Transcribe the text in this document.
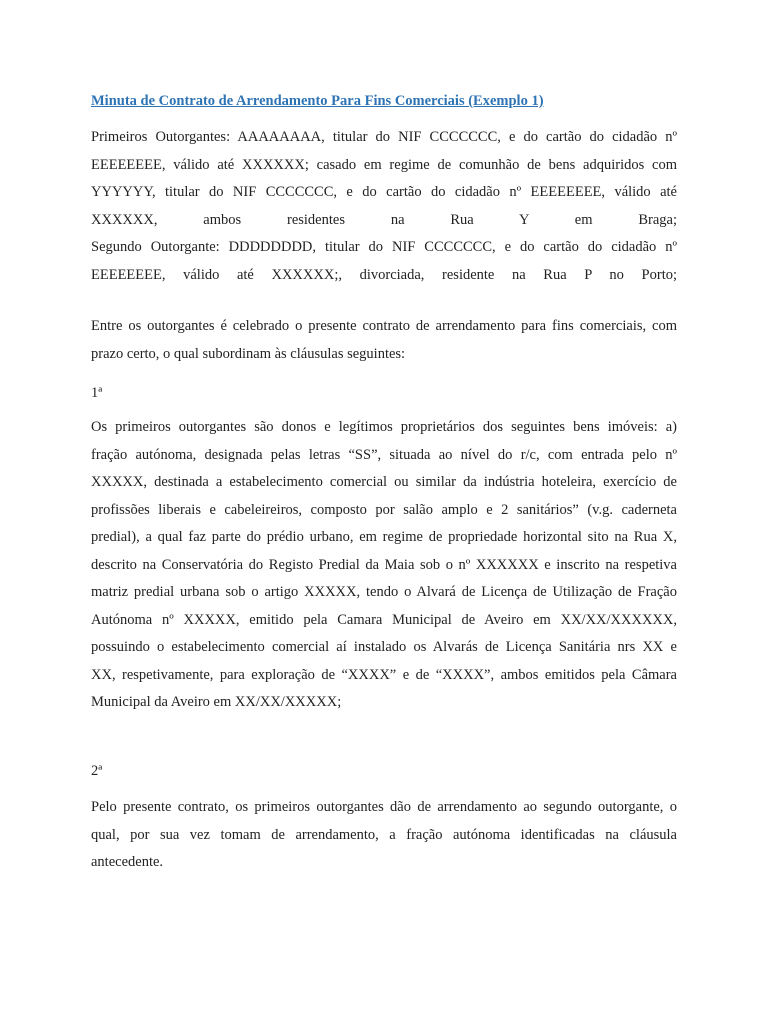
Minuta de Contrato de Arrendamento Para Fins Comerciais (Exemplo 1)
Primeiros Outorgantes: AAAAAAAA, titular do NIF CCCCCCC, e do cartão do cidadão nº
EEEEEEEE, válido até XXXXXX; casado em regime de comunhão de bens adquiridos com
YYYYYY, titular do NIF CCCCCCC, e do cartão do cidadão nº EEEEEEEE, válido até
XXXXXX, ambos residentes na Rua Y em Braga;
Segundo Outorgante: DDDDDDDD, titular do NIF CCCCCCC, e do cartão do cidadão nº
EEEEEEEE, válido até XXXXXX;, divorciada, residente na Rua P no Porto;
Entre os outorgantes é celebrado o presente contrato de arrendamento para fins comerciais, com
prazo certo, o qual subordinam às cláusulas seguintes:
1ª
Os primeiros outorgantes são donos e legítimos proprietários dos seguintes bens imóveis: a)
fração autónoma, designada pelas letras “SS”, situada ao nível do r/c, com entrada pelo nº
XXXXX, destinada a estabelecimento comercial ou similar da indústria hoteleira, exercício de
profissões liberais e cabeleireiros, composto por salão amplo e 2 sanitários” (v.g. caderneta
predial), a qual faz parte do prédio urbano, em regime de propriedade horizontal sito na Rua X,
descrito na Conservatória do Registo Predial da Maia sob o nº XXXXXX e inscrito na respetiva
matriz predial urbana sob o artigo XXXXX, tendo o Alvará de Licença de Utilização de Fração
Autónoma nº XXXXX, emitido pela Camara Municipal de Aveiro em XX/XX/XXXXXX,
possuindo o estabelecimento comercial aí instalado os Alvarás de Licença Sanitária nrs XX e
XX, respetivamente, para exploração de “XXXX” e de “XXXX”, ambos emitidos pela Câmara
Municipal da Aveiro em XX/XX/XXXXX;
2ª
Pelo presente contrato, os primeiros outorgantes dão de arrendamento ao segundo outorgante, o
qual, por sua vez tomam de arrendamento, a fração autónoma identificadas na cláusula
antecedente.
